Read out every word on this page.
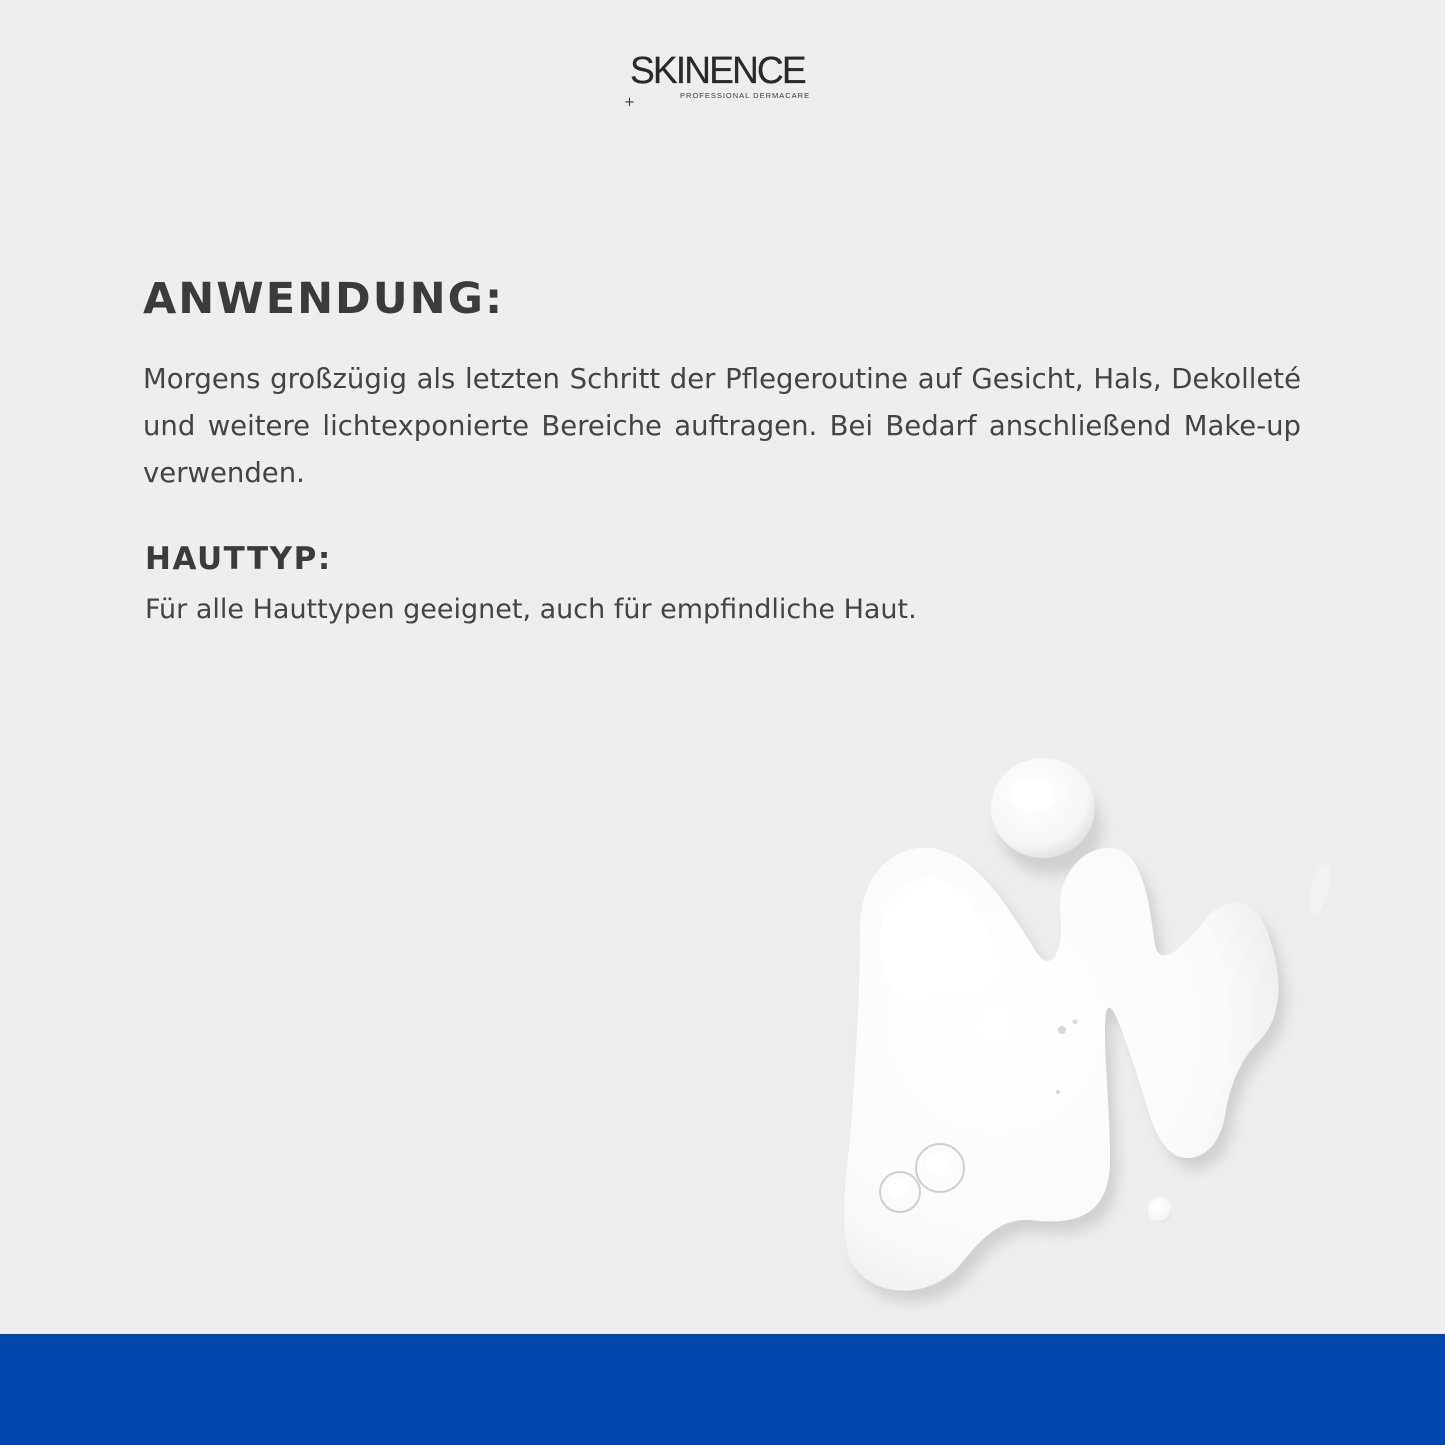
SKINENCE
PROFESSIONAL DERMACARE
+
ANWENDUNG:

Morgens großzügig als letzten Schritt der Pflegeroutine auf Gesicht, Hals, Dekolleté und weitere lichtexponierte Bereiche auftragen. Bei Bedarf anschließend Make-up verwenden.

HAUTTYP:

Für alle Hauttypen geeignet, auch für empfindliche Haut.
